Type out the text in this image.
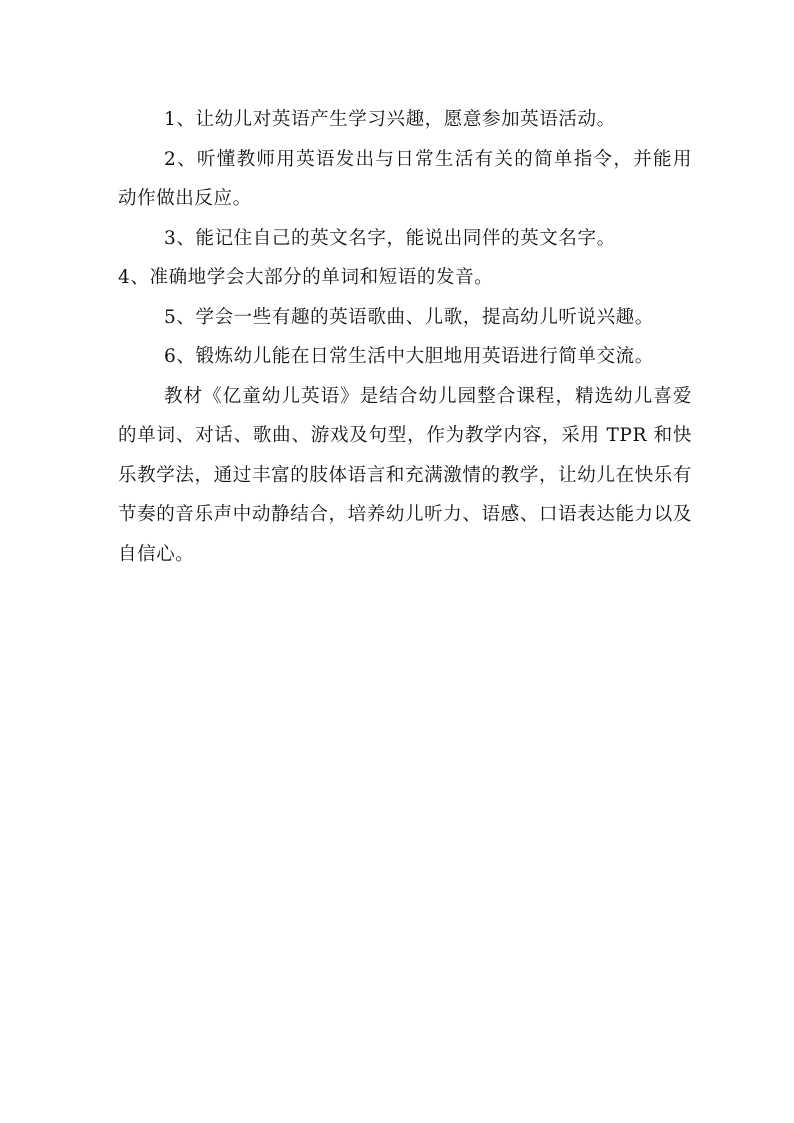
1、让幼儿对英语产生学习兴趣，愿意参加英语活动。

2、听懂教师用英语发出与日常生活有关的简单指令，并能用动作做出反应。

3、能记住自己的英文名字，能说出同伴的英文名字。

4、准确地学会大部分的单词和短语的发音。

5、学会一些有趣的英语歌曲、儿歌，提高幼儿听说兴趣。

6、锻炼幼儿能在日常生活中大胆地用英语进行简单交流。

教材《亿童幼儿英语》是结合幼儿园整合课程，精选幼儿喜爱的单词、对话、歌曲、游戏及句型，作为教学内容，采用 TPR 和快乐教学法，通过丰富的肢体语言和充满激情的教学，让幼儿在快乐有节奏的音乐声中动静结合，培养幼儿听力、语感、口语表达能力以及自信心。
